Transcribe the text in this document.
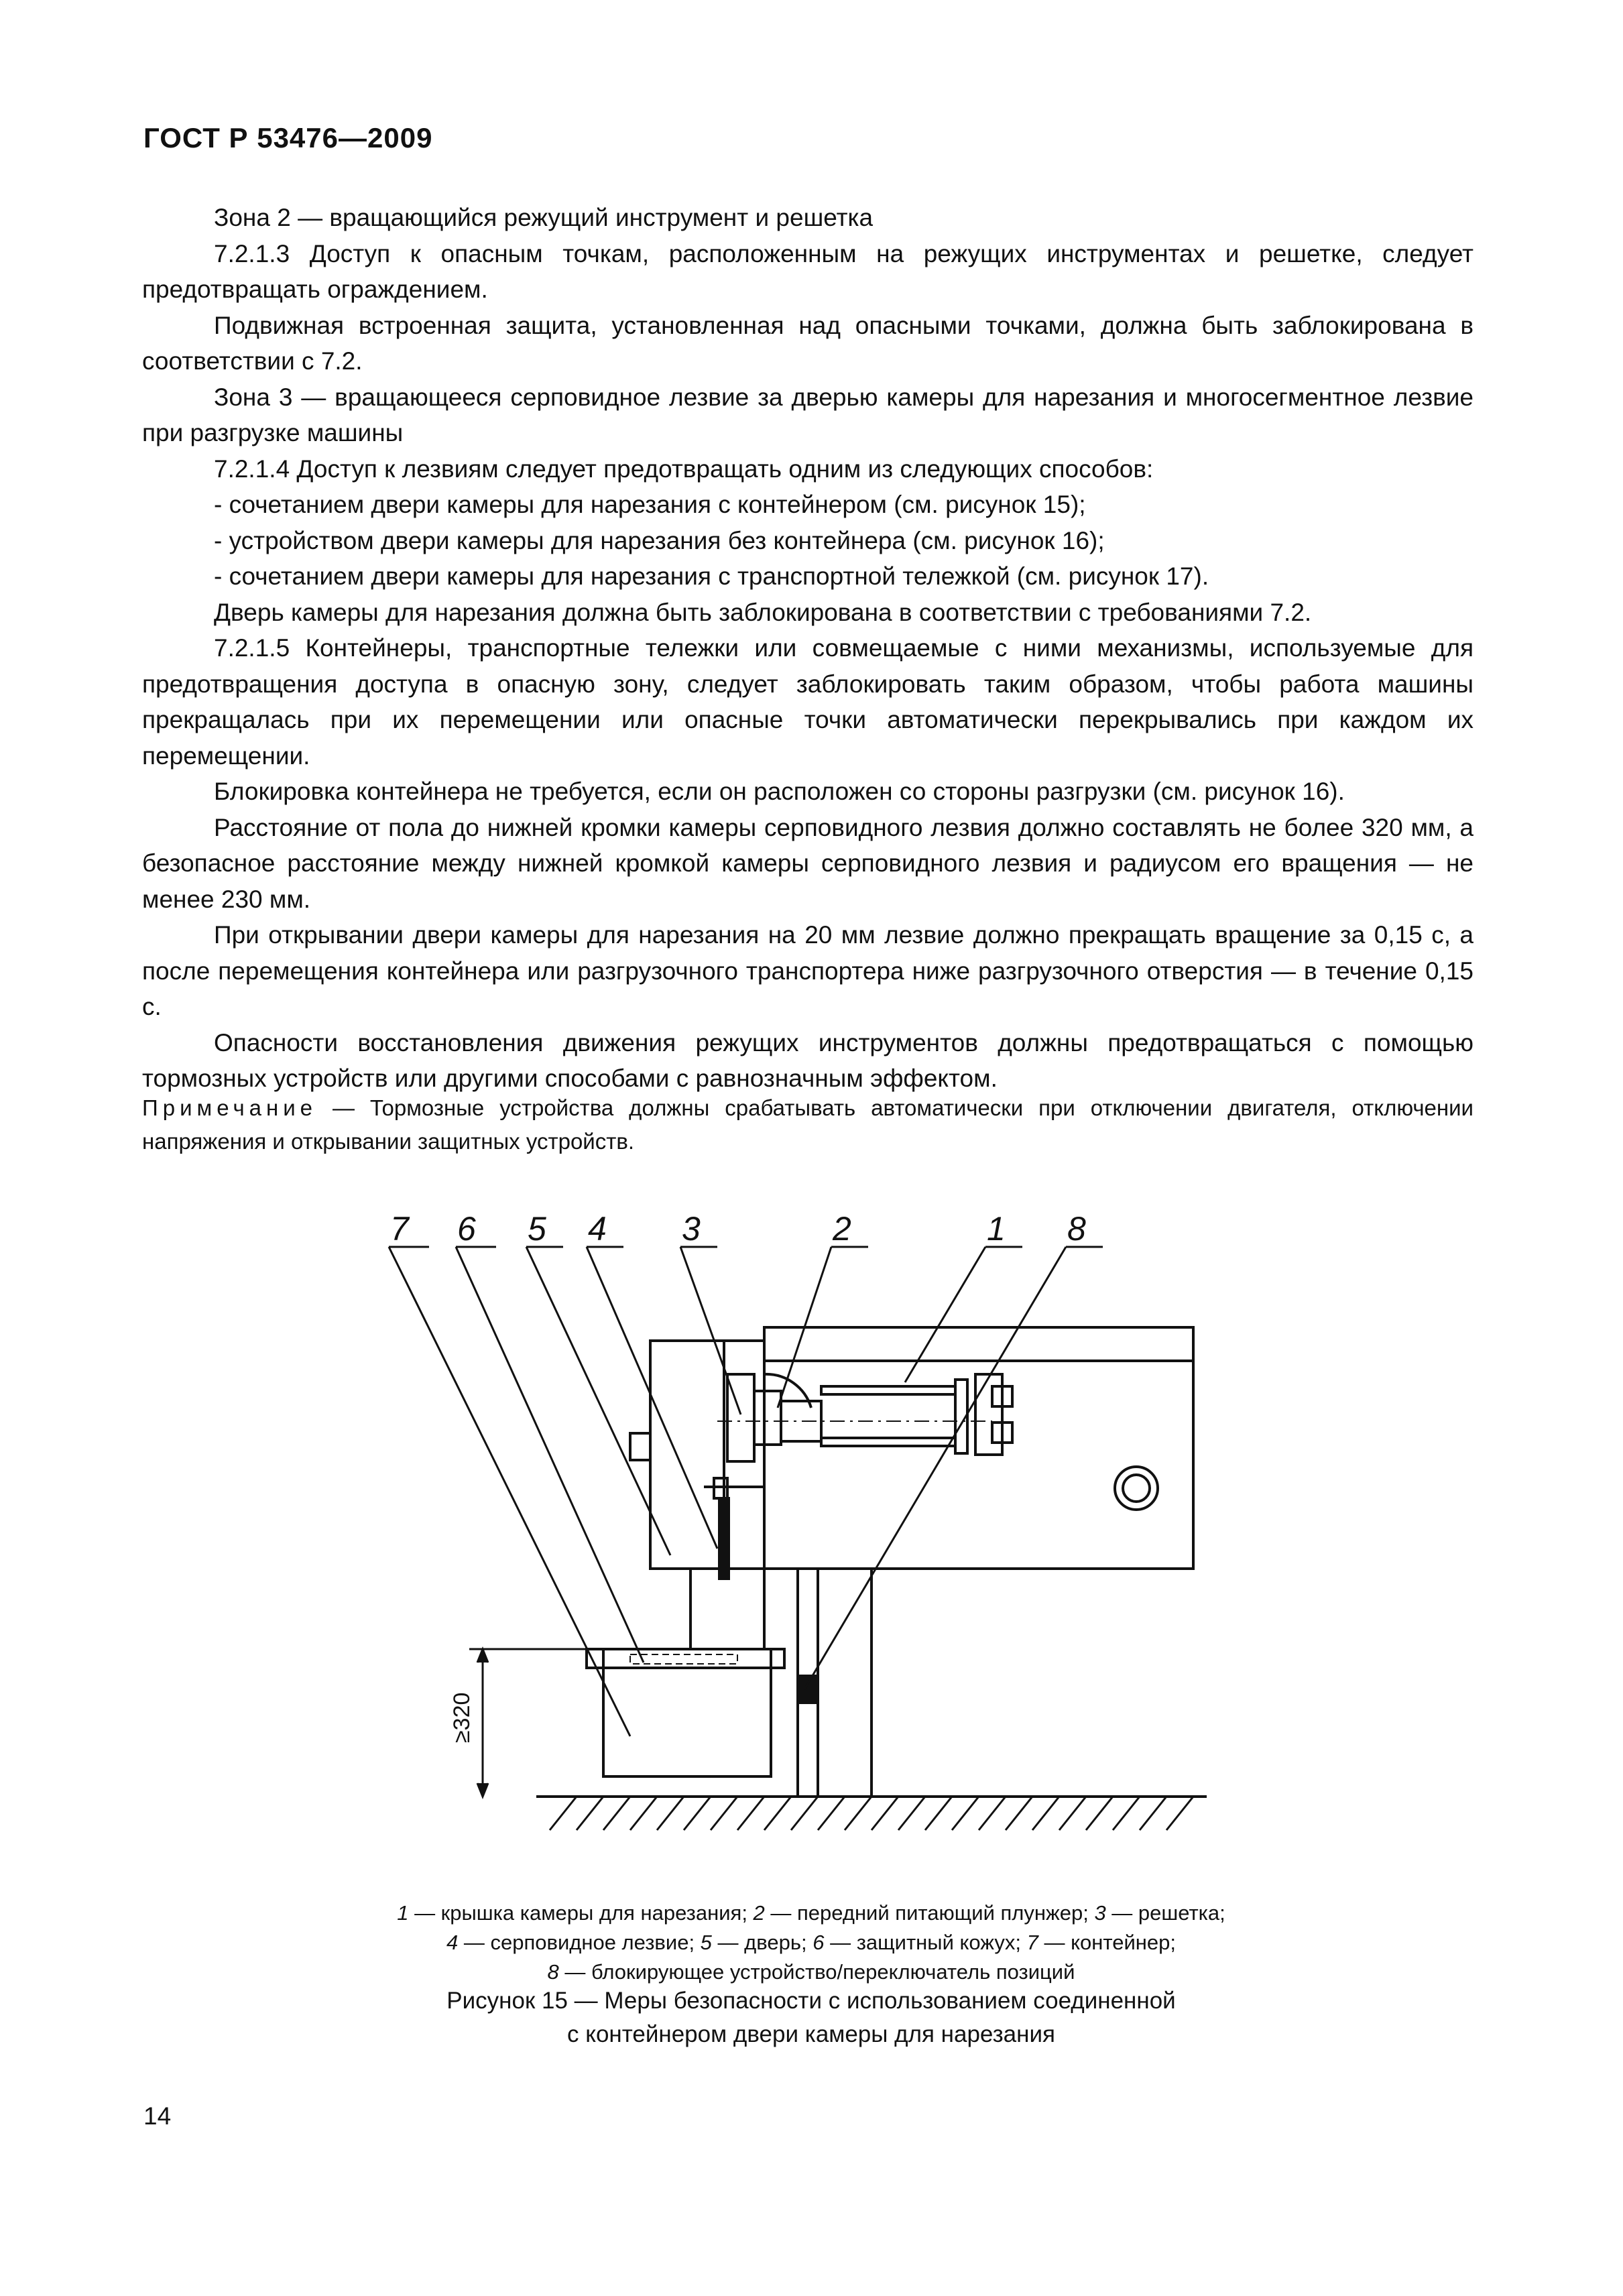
ГОСТ Р 53476—2009

Зона 2 — вращающийся режущий инструмент и решетка

7.2.1.3 Доступ к опасным точкам, расположенным на режущих инструментах и решетке, следует предотвращать ограждением.

Подвижная встроенная защита, установленная над опасными точками, должна быть заблокирована в соответствии с 7.2.

Зона 3 — вращающееся серповидное лезвие за дверью камеры для нарезания и многосегментное лезвие при разгрузке машины

7.2.1.4 Доступ к лезвиям следует предотвращать одним из следующих способов:

- сочетанием двери камеры для нарезания с контейнером (см. рисунок 15);

- устройством двери камеры для нарезания без контейнера (см. рисунок 16);

- сочетанием двери камеры для нарезания с транспортной тележкой (см. рисунок 17).

Дверь камеры для нарезания должна быть заблокирована в соответствии с требованиями 7.2.

7.2.1.5 Контейнеры, транспортные тележки или совмещаемые с ними механизмы, используемые для предотвращения доступа в опасную зону, следует заблокировать таким образом, чтобы работа машины прекращалась при их перемещении или опасные точки автоматически перекрывались при каждом их перемещении.

Блокировка контейнера не требуется, если он расположен со стороны разгрузки (см. рисунок 16).

Расстояние от пола до нижней кромки камеры серповидного лезвия должно составлять не более 320 мм, а безопасное расстояние между нижней кромкой камеры серповидного лезвия и радиусом его вращения — не менее 230 мм.

При открывании двери камеры для нарезания на 20 мм лезвие должно прекращать вращение за 0,15 с, а после перемещения контейнера или разгрузочного транспортера ниже разгрузочного отверстия — в течение 0,15 с.

Опасности восстановления движения режущих инструментов должны предотвращаться с помощью тормозных устройств или другими способами с равнозначным эффектом.

Примечание — Тормозные устройства должны срабатывать автоматически при отключении двигателя, отключении напряжения и открывании защитных устройств.
≥320
7 6 5 4 3	2	1 8
1 — крышка камеры для нарезания; 2 — передний питающий плунжер; 3 — решетка;
4 — серповидное лезвие; 5 — дверь; 6 — защитный кожух; 7 — контейнер;
8 — блокирующее устройство/переключатель позиций
Рисунок 15 — Меры безопасности с использованием соединенной
с контейнером двери камеры для нарезания
14
